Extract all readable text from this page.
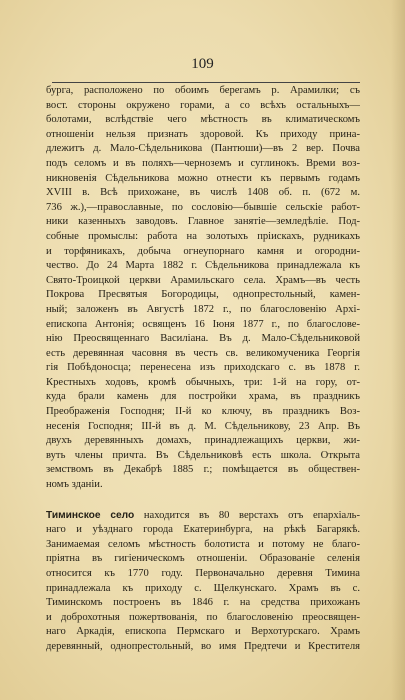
109
бурга, расположено по обоимъ берегамъ р. Арамилки; съ
вост. стороны окружено горами, а со всѣхъ остальныхъ—
болотами, вслѣдствіе чего мѣстность въ климатическомъ
отношеніи нельзя признать здоровой. Къ приходу прина-
длежитъ д. Мало-Сѣдельникова (Пантюши)—въ 2 вер. Почва
подъ селомъ и въ поляхъ—черноземъ и суглинокъ. Времи воз-
никновенія Сѣдельникова можно отнести къ первымъ годамъ
XVIII в. Всѣ прихожане, въ числѣ 1408 об. п. (672 м.
736 ж.),—православные, по сословію—бывшіе сельскіе работ-
ники казенныхъ заводовъ. Главное занятіе—земледѣліе. Под-
собные промыслы: работа на золотыхъ пріискахъ, рудникахъ
и торфяникахъ, добыча огнеупорнаго камня и огородни-
чество. До 24 Марта 1882 г. Сѣдельникова принадлежала къ
Свято-Троицкой церкви Арамильскаго села. Храмъ—въ честь
Покрова Пресвятыя Богородицы, однопрестольный, камен-
ный; заложенъ въ Августѣ 1872 г., по благословенію Архі-
епископа Антонія; освященъ 16 Іюня 1877 г., по благослове-
нію Преосвященнаго Василіана. Въ д. Мало-Сѣдельниковой
есть деревянная часовня въ честь св. великомученика Георгія
гія Побѣдоносца; перенесена изъ приходскаго с. въ 1878 г.
Крестныхъ ходовъ, кромѣ обычныхъ, три: 1-й на гору, от-
куда брали камень для постройки храма, въ праздникъ
Преображенія Господня; II-й ко ключу, въ праздникъ Воз-
несенія Господня; III-й въ д. М. Сѣдельникову, 23 Апр. Въ
двухъ деревянныхъ домахъ, принадлежащихъ церкви, жи-
вуть члены причта. Въ Сѣдельниковѣ есть школа. Открыта
земствомъ въ Декабрѣ 1885 г.; помѣщается въ общеcтвен-
номъ зданіи.
Тиминское село находится въ 80 верстахъ отъ епархіаль-
наго и уѣзднаго города Екатеринбурга, на рѣкѣ Багарякѣ.
Занимаемая селомъ мѣстность болотиста и потому не благо-
пріятна въ гигіеническомъ отношеніи. Образованіе селенія
относится къ 1770 году. Первоначально деревня Тимина
принадлежала къ приходу с. Щелкунскаго. Храмъ въ с.
Тиминскомъ построенъ въ 1846 г. на средства прихожанъ
и доброхотныя пожертвованія, по благословенію преосвящен-
наго Аркадія, епископа Пермскаго и Верхотурскаго. Храмъ
деревянный, однопрестольный, во имя Предтечи и Крестителя
